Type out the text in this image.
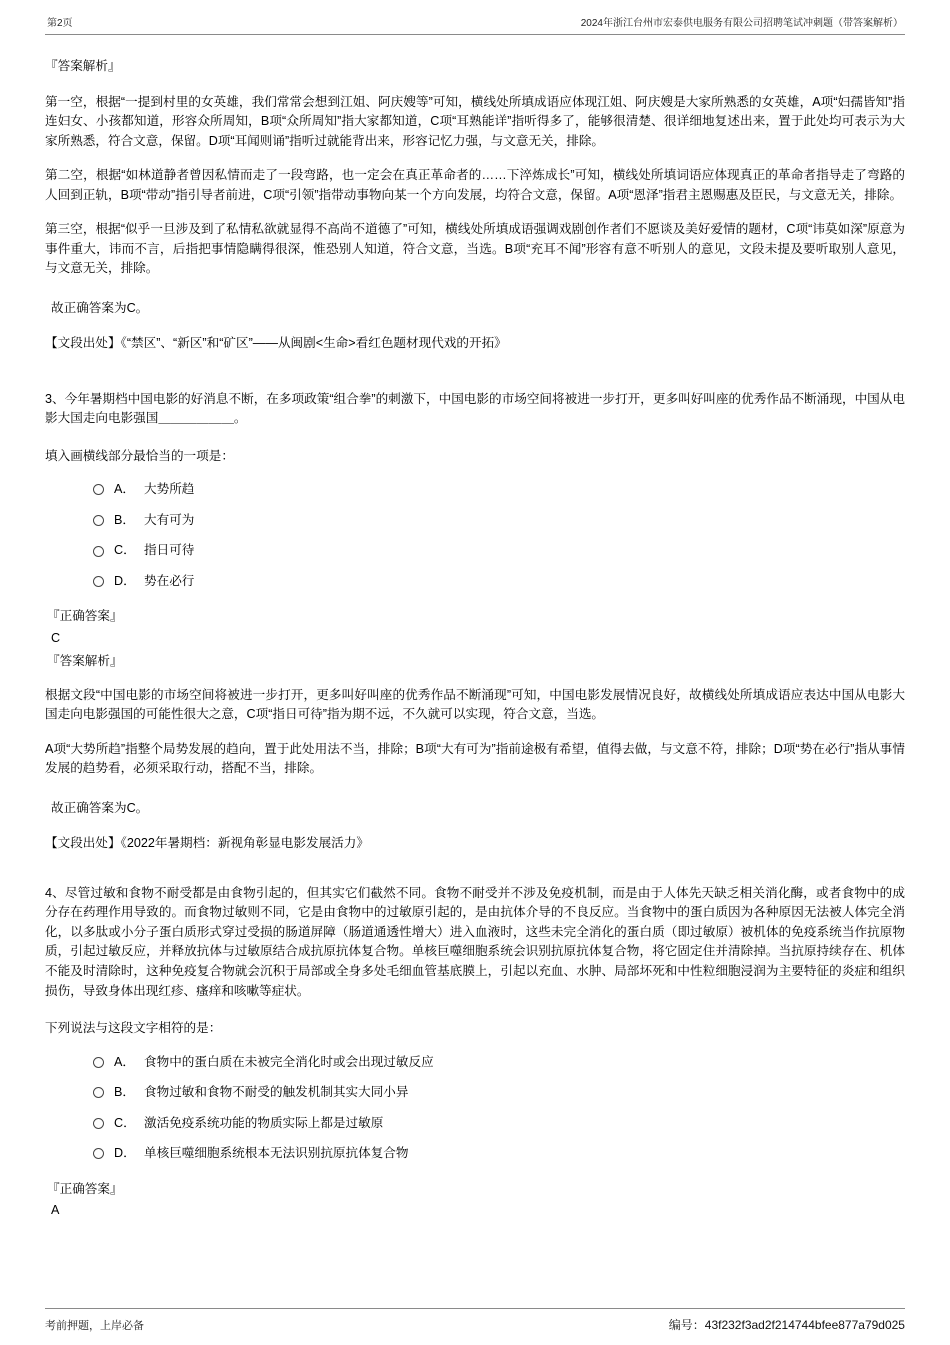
第2页	2024年浙江台州市宏泰供电服务有限公司招聘笔试冲刺题（带答案解析）
『答案解析』

第一空，根据“一提到村里的女英雄，我们常常会想到江姐、阿庆嫂等”可知，横线处所填成语应体现江姐、阿庆嫂是大家所熟悉的女英雄，A项“妇孺皆知”指连妇女、小孩都知道，形容众所周知，B项“众所周知”指大家都知道，C项“耳熟能详”指听得多了，能够很清楚、很详细地复述出来，置于此处均可表示为大家所熟悉，符合文意，保留。D项“耳闻则诵”指听过就能背出来，形容记忆力强，与文意无关，排除。

第二空，根据“如林道静者曾因私情而走了一段弯路，也一定会在真正革命者的……下淬炼成长”可知，横线处所填词语应体现真正的革命者指导走了弯路的人回到正轨，B项“带动”指引导者前进，C项“引领”指带动事物向某一个方向发展，均符合文意，保留。A项“恩泽”指君主恩赐惠及臣民，与文意无关，排除。

第三空，根据“似乎一旦涉及到了私情私欲就显得不高尚不道德了”可知，横线处所填成语强调戏剧创作者们不愿谈及美好爱情的题材，C项“讳莫如深”原意为事件重大，讳而不言，后指把事情隐瞒得很深，惟恐别人知道，符合文意，当选。B项“充耳不闻”形容有意不听别人的意见，文段未提及要听取别人意见，与文意无关，排除。

故正确答案为C。

【文段出处】《“禁区”、“新区”和“矿区”——从闽剧<生命>看红色题材现代戏的开拓》

3、今年暑期档中国电影的好消息不断，在多项政策“组合拳”的刺激下，中国电影的市场空间将被进一步打开，更多叫好叫座的优秀作品不断涌现，中国从电影大国走向电影强国＿＿＿＿＿＿。

填入画横线部分最恰当的一项是：

A． 大势所趋
B． 大有可为
C． 指日可待
D． 势在必行
『正确答案』
C
『答案解析』

根据文段“中国电影的市场空间将被进一步打开，更多叫好叫座的优秀作品不断涌现”可知，中国电影发展情况良好，故横线处所填成语应表达中国从电影大国走向电影强国的可能性很大之意，C项“指日可待”指为期不远，不久就可以实现，符合文意，当选。

A项“大势所趋”指整个局势发展的趋向，置于此处用法不当，排除；B项“大有可为”指前途极有希望，值得去做，与文意不符，排除；D项“势在必行”指从事情发展的趋势看，必须采取行动，搭配不当，排除。

故正确答案为C。

【文段出处】《2022年暑期档：新视角彰显电影发展活力》

4、尽管过敏和食物不耐受都是由食物引起的，但其实它们截然不同。食物不耐受并不涉及免疫机制，而是由于人体先天缺乏相关消化酶，或者食物中的成分存在药理作用导致的。而食物过敏则不同，它是由食物中的过敏原引起的，是由抗体介导的不良反应。当食物中的蛋白质因为各种原因无法被人体完全消化，以多肽或小分子蛋白质形式穿过受损的肠道屏障（肠道通透性增大）进入血液时，这些未完全消化的蛋白质（即过敏原）被机体的免疫系统当作抗原物质，引起过敏反应，并释放抗体与过敏原结合成抗原抗体复合物。单核巨噬细胞系统会识别抗原抗体复合物，将它固定住并清除掉。当抗原持续存在、机体不能及时清除时，这种免疫复合物就会沉积于局部或全身多处毛细血管基底膜上，引起以充血、水肿、局部坏死和中性粒细胞浸润为主要特征的炎症和组织损伤，导致身体出现红疹、瘙痒和咳嗽等症状。

下列说法与这段文字相符的是：

A． 食物中的蛋白质在未被完全消化时或会出现过敏反应
B． 食物过敏和食物不耐受的触发机制其实大同小异
C． 激活免疫系统功能的物质实际上都是过敏原
D． 单核巨噬细胞系统根本无法识别抗原抗体复合物
『正确答案』
A
考前押题，上岸必备	编号：43f232f3ad2f214744bfee877a79d025
